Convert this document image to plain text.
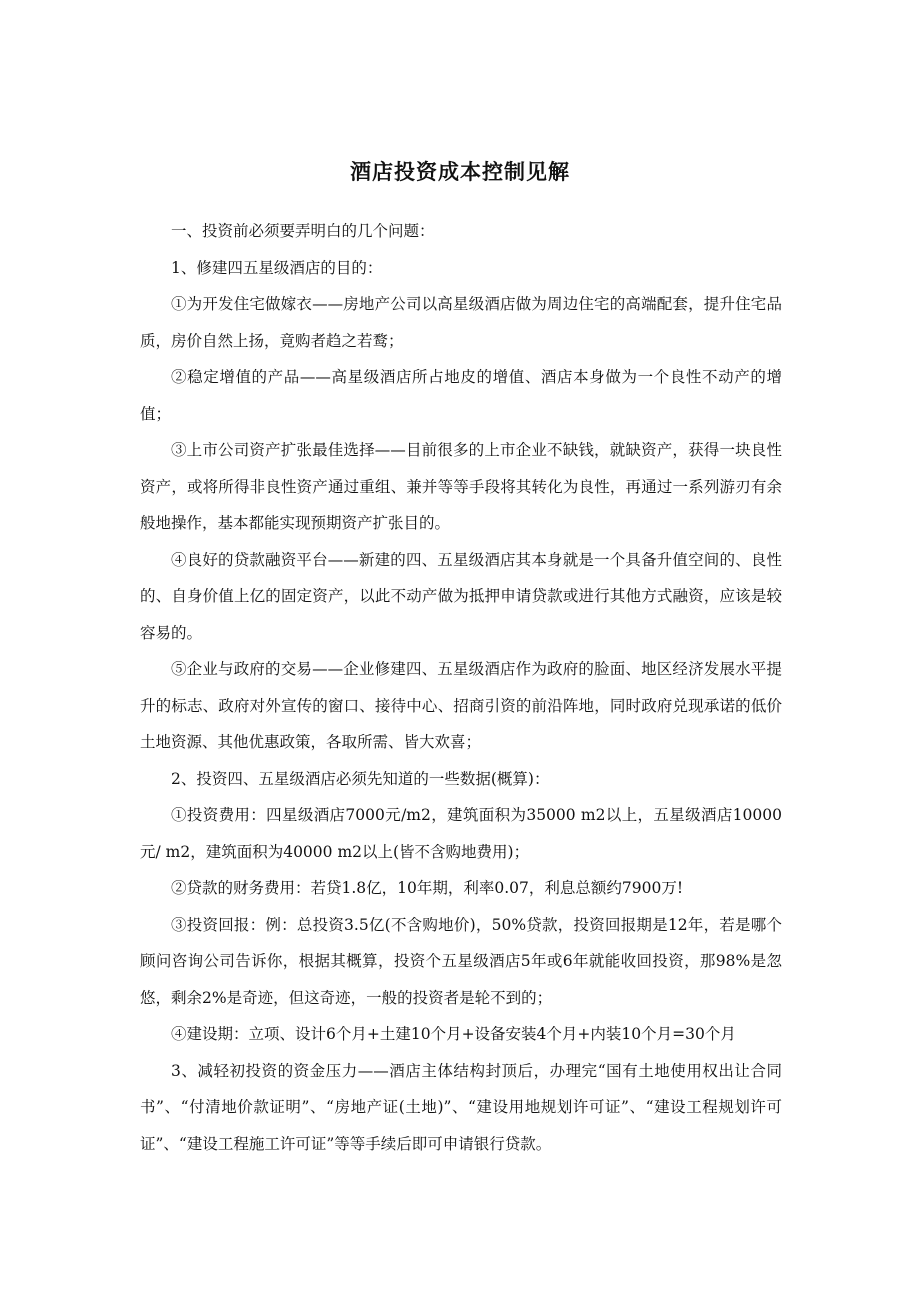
酒店投资成本控制见解

一、投资前必须要弄明白的几个问题：

1、修建四五星级酒店的目的：

①为开发住宅做嫁衣——房地产公司以高星级酒店做为周边住宅的高端配套，提升住宅品质，房价自然上扬，竟购者趋之若鹜；

②稳定增值的产品——高星级酒店所占地皮的增值、酒店本身做为一个良性不动产的增值；

③上市公司资产扩张最佳选择——目前很多的上市企业不缺钱，就缺资产，获得一块良性资产，或将所得非良性资产通过重组、兼并等等手段将其转化为良性，再通过一系列游刃有余般地操作，基本都能实现预期资产扩张目的。

④良好的贷款融资平台——新建的四、五星级酒店其本身就是一个具备升值空间的、良性的、自身价值上亿的固定资产，以此不动产做为抵押申请贷款或进行其他方式融资，应该是较容易的。

⑤企业与政府的交易——企业修建四、五星级酒店作为政府的脸面、地区经济发展水平提升的标志、政府对外宣传的窗口、接待中心、招商引资的前沿阵地，同时政府兑现承诺的低价土地资源、其他优惠政策，各取所需、皆大欢喜；

2、投资四、五星级酒店必须先知道的一些数据(概算)：

①投资费用：四星级酒店7000元/m2，建筑面积为35000 m2以上，五星级酒店10000元/ m2，建筑面积为40000 m2以上(皆不含购地费用)；

②贷款的财务费用：若贷1.8亿，10年期，利率0.07，利息总额约7900万!

③投资回报：例：总投资3.5亿(不含购地价)，50%贷款，投资回报期是12年，若是哪个顾问咨询公司告诉你，根据其概算，投资个五星级酒店5年或6年就能收回投资，那98%是忽悠，剩余2%是奇迹，但这奇迹，一般的投资者是轮不到的；

④建设期：立项、设计6个月+土建10个月+设备安装4个月+内装10个月=30个月

3、减轻初投资的资金压力——酒店主体结构封顶后，办理完“国有土地使用权出让合同书”、“付清地价款证明”、“房地产证(土地)”、“建设用地规划许可证”、“建设工程规划许可证”、“建设工程施工许可证”等等手续后即可申请银行贷款。
